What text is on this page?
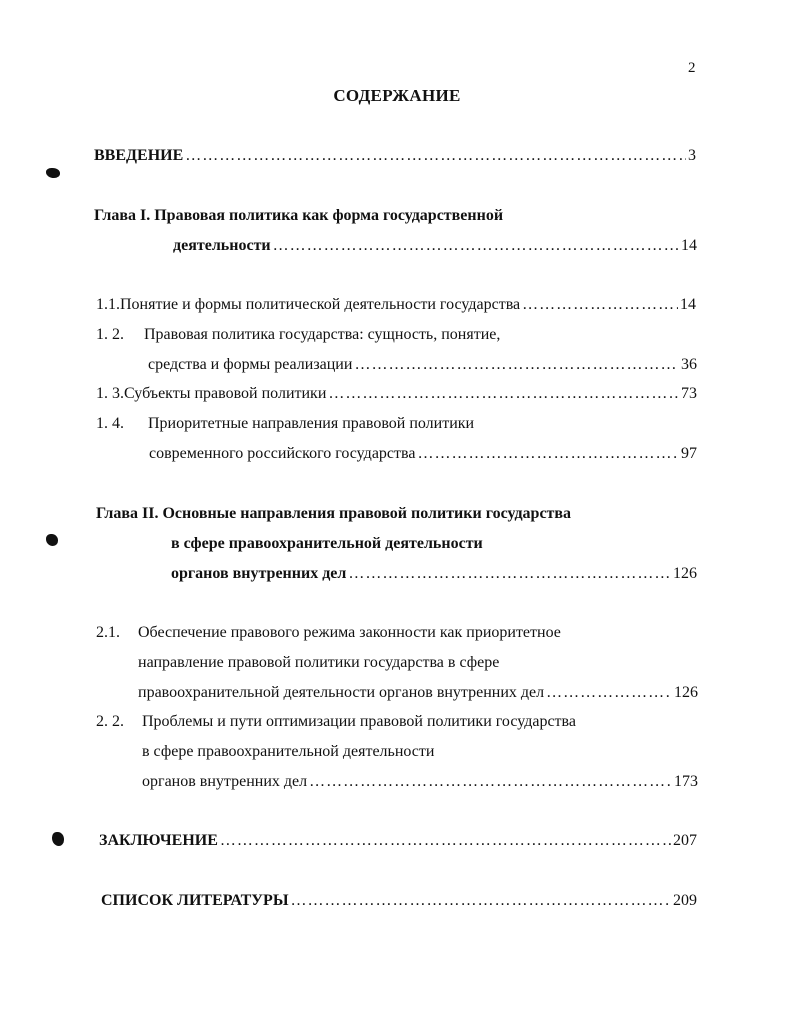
2
СОДЕРЖАНИЕ
ВВЕДЕНИЕ …………………………………………………………………………………………………………………………………………………………………………	3
Глава I. Правовая политика как форма государственной
деятельности …………………………………………………………………………………………………………………………………………………………………………	14
1.1. Понятие и формы политической деятельности государства …………………………………………………………………………………………………………………………………………………………………………	14
1. 2.	Правовая политика государства: сущность, понятие,
средства и формы реализации …………………………………………………………………………………………………………………………………………………………………………	36
1. 3. Субъекты правовой политики …………………………………………………………………………………………………………………………………………………………………………	73
1. 4.	Приоритетные направления правовой политики
современного российского государства …………………………………………………………………………………………………………………………………………………………………………	97
Глава II. Основные направления правовой политики государства
в сфере правоохранительной деятельности
органов внутренних дел …………………………………………………………………………………………………………………………………………………………………………	126
2.1.	Обеспечение правового режима законности как приоритетное
направление правовой политики государства в сфере
правоохранительной деятельности органов внутренних дел …………………………………………………………………………………………………………………………………………………………………………	126
2. 2.	Проблемы и пути оптимизации правовой политики государства
в сфере правоохранительной деятельности
органов внутренних дел …………………………………………………………………………………………………………………………………………………………………………	173
ЗАКЛЮЧЕНИЕ …………………………………………………………………………………………………………………………………………………………………………	207
СПИСОК ЛИТЕРАТУРЫ …………………………………………………………………………………………………………………………………………………………………………	209
